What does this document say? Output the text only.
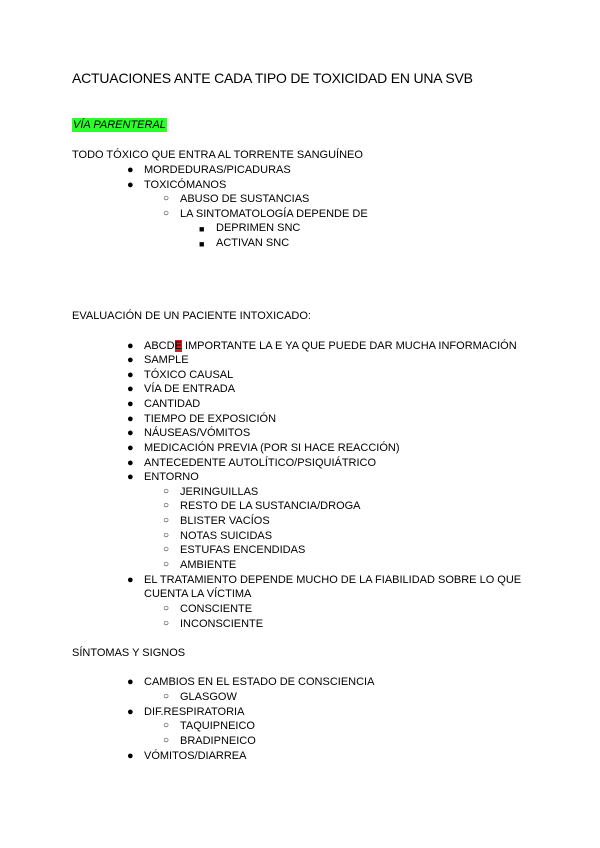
ACTUACIONES ANTE CADA TIPO DE TOXICIDAD EN UNA SVB
VÍA PARENTERAL
TODO TÓXICO QUE ENTRA AL TORRENTE SANGUÍNEO
● MORDEDURAS/PICADURAS
● TOXICÓMANOS
○ ABUSO DE SUSTANCIAS
○ LA SINTOMATOLOGÍA DEPENDE DE
■ DEPRIMEN SNC
■ ACTIVAN SNC
EVALUACIÓN DE UN PACIENTE INTOXICADO:
● ABCDE IMPORTANTE LA E YA QUE PUEDE DAR MUCHA INFORMACIÓN
● SAMPLE
● TÓXICO CAUSAL
● VÍA DE ENTRADA
● CANTIDAD
● TIEMPO DE EXPOSICIÓN
● NÁUSEAS/VÓMITOS
● MEDICACIÓN PREVIA (POR SI HACE REACCIÓN)
● ANTECEDENTE AUTOLÍTICO/PSIQUIÁTRICO
● ENTORNO
○ JERINGUILLAS
○ RESTO DE LA SUSTANCIA/DROGA
○ BLISTER VACÍOS
○ NOTAS SUICIDAS
○ ESTUFAS ENCENDIDAS
○ AMBIENTE
● EL TRATAMIENTO DEPENDE MUCHO DE LA FIABILIDAD SOBRE LO QUE
CUENTA LA VÍCTIMA
○ CONSCIENTE
○ INCONSCIENTE
SÍNTOMAS Y SIGNOS
● CAMBIOS EN EL ESTADO DE CONSCIENCIA
○ GLASGOW
● DIF.RESPIRATORIA
○ TAQUIPNEICO
○ BRADIPNEICO
● VÓMITOS/DIARREA
